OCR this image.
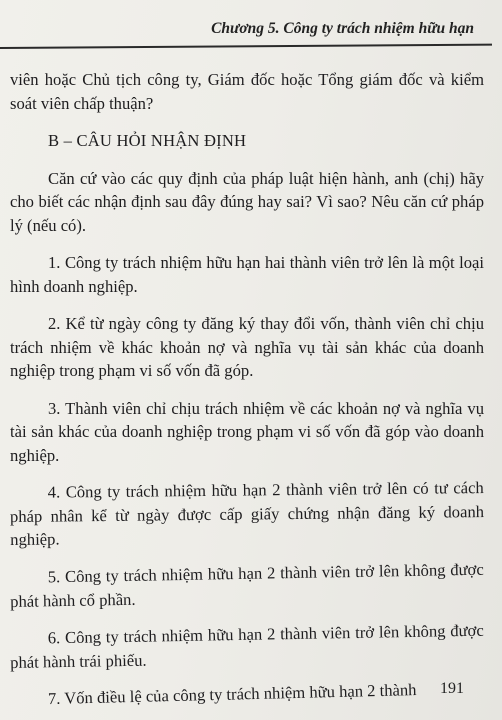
Chương 5. Công ty trách nhiệm hữu hạn

viên hoặc Chủ tịch công ty, Giám đốc hoặc Tổng giám đốc và kiểm soát viên chấp thuận?

B – CÂU HỎI NHẬN ĐỊNH

Căn cứ vào các quy định của pháp luật hiện hành, anh (chị) hãy cho biết các nhận định sau đây đúng hay sai? Vì sao? Nêu căn cứ pháp lý (nếu có).

1. Công ty trách nhiệm hữu hạn hai thành viên trở lên là một loại hình doanh nghiệp.

2. Kể từ ngày công ty đăng ký thay đổi vốn, thành viên chỉ chịu trách nhiệm về khác khoản nợ và nghĩa vụ tài sản khác của doanh nghiệp trong phạm vi số vốn đã góp.

3. Thành viên chỉ chịu trách nhiệm về các khoản nợ và nghĩa vụ tài sản khác của doanh nghiệp trong phạm vi số vốn đã góp vào doanh nghiệp.

4. Công ty trách nhiệm hữu hạn 2 thành viên trở lên có tư cách pháp nhân kể từ ngày được cấp giấy chứng nhận đăng ký doanh nghiệp.

5. Công ty trách nhiệm hữu hạn 2 thành viên trở lên không được phát hành cổ phần.

6. Công ty trách nhiệm hữu hạn 2 thành viên trở lên không được phát hành trái phiếu.

7. Vốn điều lệ của công ty trách nhiệm hữu hạn 2 thành	191
